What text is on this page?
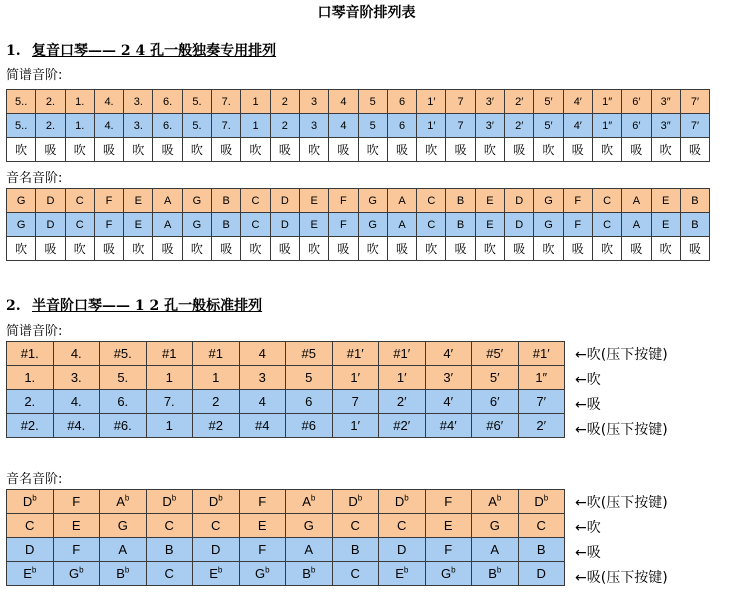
口琴音阶排列表
1. 复音口琴—— 2 4 孔一般独奏专用排列
简谱音阶:
5..	2.	1.	4.	3.	6.	5.	7.	1	2	3	4	5	6	1′	7	3′	2′	5′	4′	1″	6′	3″	7′
5..	2.	1.	4.	3.	6.	5.	7.	1	2	3	4	5	6	1′	7	3′	2′	5′	4′	1″	6′	3″	7′
吹	吸	吹	吸	吹	吸	吹	吸	吹	吸	吹	吸	吹	吸	吹	吸	吹	吸	吹	吸	吹	吸	吹	吸
音名音阶:
G	D	C	F	E	A	G	B	C	D	E	F	G	A	C	B	E	D	G	F	C	A	E	B
G	D	C	F	E	A	G	B	C	D	E	F	G	A	C	B	E	D	G	F	C	A	E	B
吹	吸	吹	吸	吹	吸	吹	吸	吹	吸	吹	吸	吹	吸	吹	吸	吹	吸	吹	吸	吹	吸	吹	吸
2. 半音阶口琴—— 1 2 孔一般标准排列
简谱音阶:
#1.	4.	#5.	#1	#1	4	#5	#1′	#1′	4′	#5′	#1′
1.	3.	5.	1	1	3	5	1′	1′	3′	5′	1″
2.	4.	6.	7.	2	4	6	7	2′	4′	6′	7′
#2.	#4.	#6.	1	#2	#4	#6	1′	#2′	#4′	#6′	2′
音名音阶:
$D^b$	F	$A^b$	$D^b$	$D^b$	F	$A^b$	$D^b$	$D^b$	F	$A^b$	$D^b$
C	E	G	C	C	E	G	C	C	E	G	C
D	F	A	B	D	F	A	B	D	F	A	B
$E^b$	$G^b$	$B^b$	C	$E^b$	$G^b$	$B^b$	C	$E^b$	$G^b$	$B^b$	D
←吹(压下按键)
←吹
←吸
←吸(压下按键)
←吹(压下按键)
←吹
←吸
←吸(压下按键)
